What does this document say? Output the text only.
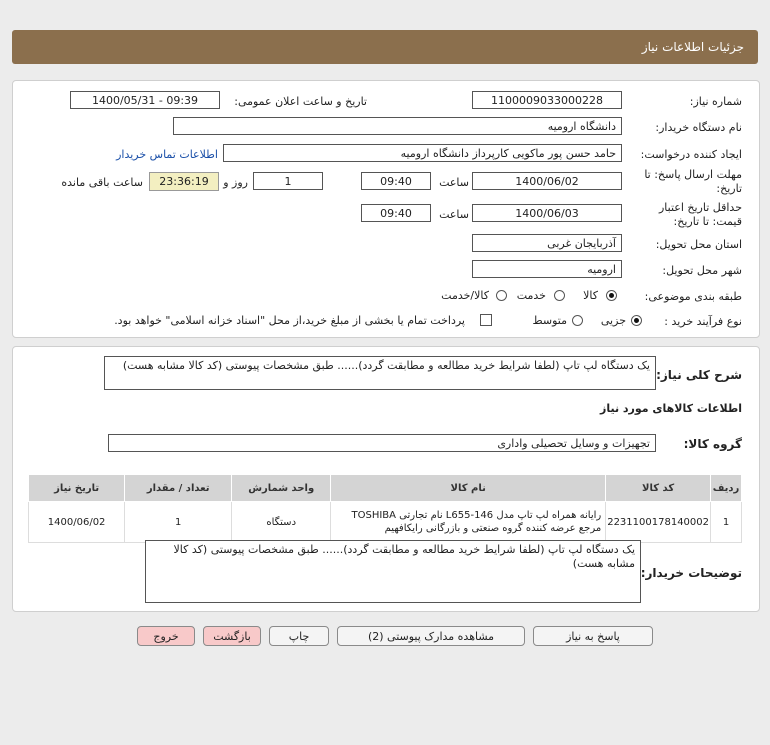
جزئیات اطلاعات نیاز
شماره نیاز:
1100009033000228
تاریخ و ساعت اعلان عمومی:
1400/05/31 - 09:39
نام دستگاه خریدار:
دانشگاه ارومیه
ایجاد کننده درخواست:
حامد حسن پور ماکویی کارپرداز دانشگاه ارومیه
اطلاعات تماس خریدار
مهلت ارسال پاسخ: تا
تاریخ:
1400/06/02
ساعت
09:40
1
روز و
23:36:19
ساعت باقی مانده
حداقل تاریخ اعتبار
قیمت: تا تاریخ:
1400/06/03
ساعت
09:40
استان محل تحویل:
آذربایجان غربی
شهر محل تحویل:
ارومیه
طبقه بندی موضوعی:
کالا
خدمت
کالا/خدمت
نوع فرآیند خرید :
جزیی
متوسط
پرداخت تمام یا بخشی از مبلغ خرید،از محل "اسناد خزانه اسلامی" خواهد بود.
شرح کلی نیاز:
یک دستگاه لپ تاپ (لطفا شرایط خرید مطالعه و مطابقت گردد)...... طبق مشخصات پیوستی (کد کالا مشابه هست)
اطلاعات کالاهای مورد نیاز
گروه کالا:
تجهیزات و وسایل تحصیلی واداری
ردیف	کد کالا	نام کالا	واحد شمارش	تعداد / مقدار	تاریخ نیاز
1	2231100178140002	رایانه همراه لپ تاپ مدل L655-146 نام تجارتی TOSHIBA مرجع عرضه کننده گروه صنعتی و بازرگانی رایکافهیم	دستگاه	1	1400/06/02
توضیحات خریدار:
یک دستگاه لپ تاپ (لطفا شرایط خرید مطالعه و مطابقت گردد)...... طبق مشخصات پیوستی (کد کالا مشابه هست)
پاسخ به نیاز
مشاهده مدارک پیوستی (2)
چاپ
بازگشت
خروج
